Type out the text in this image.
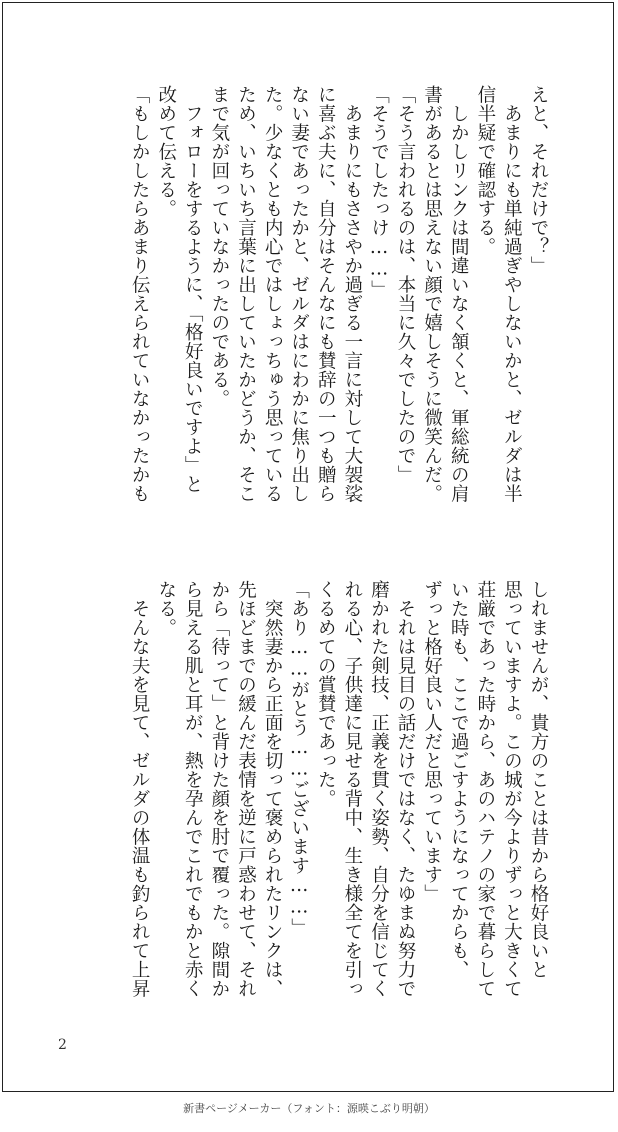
えと、それだけで？」
　あまりにも単純過ぎやしないかと、ゼルダは半
信半疑で確認する。
　しかしリンクは間違いなく頷くと、軍総統の肩
書があるとは思えない顔で嬉しそうに微笑んだ。
「そう言われるのは、本当に久々でしたので」
「そうでしたっけ……」
　あまりにもささやか過ぎる一言に対して大袈裟
に喜ぶ夫に、自分はそんなにも賛辞の一つも贈ら
ない妻であったかと、ゼルダはにわかに焦り出し
た。少なくとも内心ではしょっちゅう思っている
ため、いちいち言葉に出していたかどうか、そこ
まで気が回っていなかったのである。
　フォローをするように、「格好良いですよ」と
改めて伝える。
「もしかしたらあまり伝えられていなかったかも
しれませんが、貴方のことは昔から格好良いと
思っていますよ。この城が今よりずっと大きくて
荘厳であった時から、あのハテノの家で暮らして
いた時も、ここで過ごすようになってからも、
ずっと格好良い人だと思っています」
　それは見目の話だけではなく、たゆまぬ努力で
磨かれた剣技、正義を貫く姿勢、自分を信じてく
れる心、子供達に見せる背中、生き様全てを引っ
くるめての賞賛であった。
「あり……がとう……ございます……」
　突然妻から正面を切って褒められたリンクは、
先ほどまでの緩んだ表情を逆に戸惑わせて、それ
から「待って」と背けた顔を肘で覆った。隙間か
ら見える肌と耳が、熱を孕んでこれでもかと赤く
なる。
　そんな夫を見て、ゼルダの体温も釣られて上昇
2
新書ページメーカー（フォント：源暎こぶり明朝）
